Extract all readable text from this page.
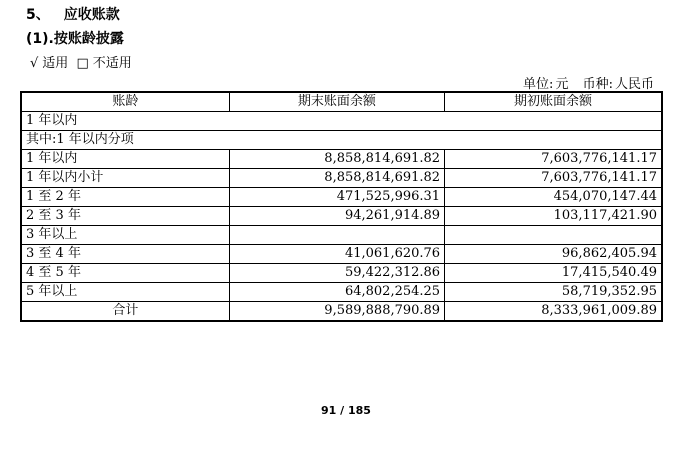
5、 应收账款
(1).按账龄披露
√ 适用 □ 不适用
单位: 元 币种: 人民币
账龄	期末账面余额	期初账面余额
1 年以内		
其中:1 年以内分项		
1 年以内	8,858,814,691.82	7,603,776,141.17
1 年以内小计	8,858,814,691.82	7,603,776,141.17
1 至 2 年	471,525,996.31	454,070,147.44
2 至 3 年	94,261,914.89	103,117,421.90
3 年以上		
3 至 4 年	41,061,620.76	96,862,405.94
4 至 5 年	59,422,312.86	17,415,540.49
5 年以上	64,802,254.25	58,719,352.95
合计	9,589,888,790.89	8,333,961,009.89
91 / 185
